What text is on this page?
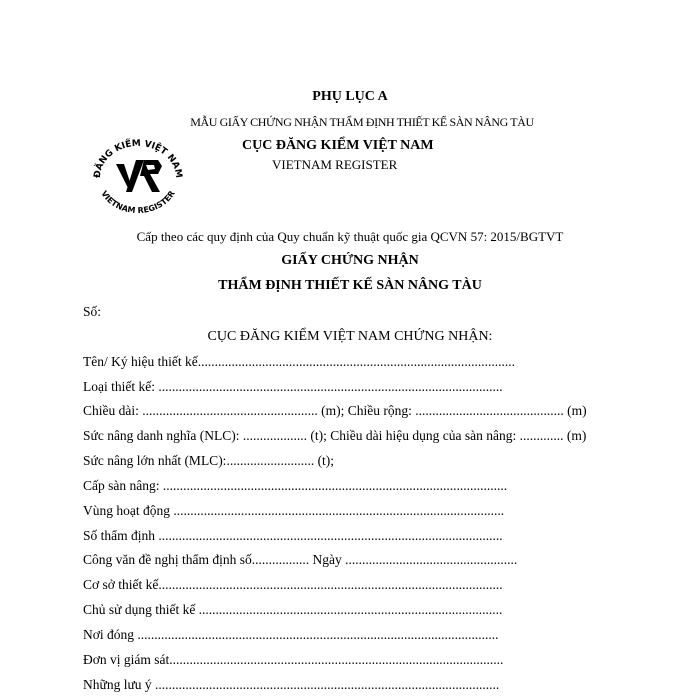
PHỤ LỤC A
MẪU GIẤY CHỨNG NHẬN THẨM ĐỊNH THIẾT KẾ SÀN NÂNG TÀU
ĐĂNG KIỂM VIỆT NAM
VIETNAM REGISTER
CỤC ĐĂNG KIỂM VIỆT NAM
VIETNAM REGISTER
Cấp theo các quy định của Quy chuẩn kỹ thuật quốc gia QCVN 57: 2015/BGTVT
GIẤY CHỨNG NHẬN
THẨM ĐỊNH THIẾT KẾ SÀN NÂNG TÀU
Số:
CỤC ĐĂNG KIỂM VIỆT NAM CHỨNG NHẬN:
Tên/ Ký hiệu thiết kế..............................................................................................
Loại thiết kế: ......................................................................................................
Chiều dài: .................................................... (m); Chiều rộng: ............................................ (m)
Sức nâng danh nghĩa (NLC): ................... (t); Chiều dài hiệu dụng của sàn nâng: ............. (m)
Sức nâng lớn nhất (MLC):.......................... (t);
Cấp sàn nâng: ......................................................................................................
Vùng hoạt động ..................................................................................................
Số thẩm định ......................................................................................................
Công văn đề nghị thẩm định số................. Ngày ...................................................
Cơ sở thiết kế......................................................................................................
Chủ sử dụng thiết kế ..........................................................................................
Nơi đóng ...........................................................................................................
Đơn vị giám sát...................................................................................................
Những lưu ý ......................................................................................................
